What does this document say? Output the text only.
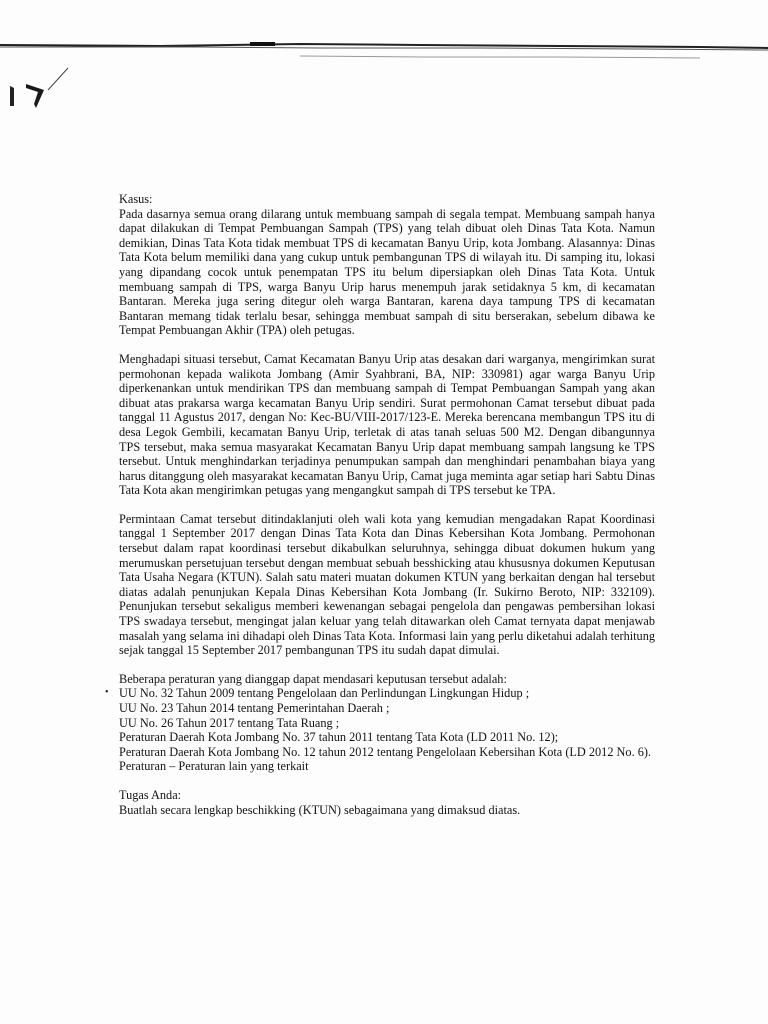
Kasus:

Pada dasarnya semua orang dilarang untuk membuang sampah di segala tempat. Membuang sampah hanya dapat dilakukan di Tempat Pembuangan Sampah (TPS) yang telah dibuat oleh Dinas Tata Kota. Namun demikian, Dinas Tata Kota tidak membuat TPS di kecamatan Banyu Urip, kota Jombang. Alasannya: Dinas Tata Kota belum memiliki dana yang cukup untuk pembangunan TPS di wilayah itu. Di samping itu, lokasi yang dipandang cocok untuk penempatan TPS itu belum dipersiapkan oleh Dinas Tata Kota. Untuk membuang sampah di TPS, warga Banyu Urip harus menempuh jarak setidaknya 5 km, di kecamatan Bantaran. Mereka juga sering ditegur oleh warga Bantaran, karena daya tampung TPS di kecamatan Bantaran memang tidak terlalu besar, sehingga membuat sampah di situ berserakan, sebelum dibawa ke Tempat Pembuangan Akhir (TPA) oleh petugas.

Menghadapi situasi tersebut, Camat Kecamatan Banyu Urip atas desakan dari warganya, mengirimkan surat permohonan kepada walikota Jombang (Amir Syahbrani, BA, NIP: 330981) agar warga Banyu Urip diperkenankan untuk mendirikan TPS dan membuang sampah di Tempat Pembuangan Sampah yang akan dibuat atas prakarsa warga kecamatan Banyu Urip sendiri. Surat permohonan Camat tersebut dibuat pada tanggal 11 Agustus 2017, dengan No: Kec-BU/VIII-2017/123-E. Mereka berencana membangun TPS itu di desa Legok Gembili, kecamatan Banyu Urip, terletak di atas tanah seluas 500 M2. Dengan dibangunnya TPS tersebut, maka semua masyarakat Kecamatan Banyu Urip dapat membuang sampah langsung ke TPS tersebut. Untuk menghindarkan terjadinya penumpukan sampah dan menghindari penambahan biaya yang harus ditanggung oleh masyarakat kecamatan Banyu Urip, Camat juga meminta agar setiap hari Sabtu Dinas Tata Kota akan mengirimkan petugas yang mengangkut sampah di TPS tersebut ke TPA.

Permintaan Camat tersebut ditindaklanjuti oleh wali kota yang kemudian mengadakan Rapat Koordinasi tanggal 1 September 2017 dengan Dinas Tata Kota dan Dinas Kebersihan Kota Jombang. Permohonan tersebut dalam rapat koordinasi tersebut dikabulkan seluruhnya, sehingga dibuat dokumen hukum yang merumuskan persetujuan tersebut dengan membuat sebuah besshicking atau khususnya dokumen Keputusan Tata Usaha Negara (KTUN). Salah satu materi muatan dokumen KTUN yang berkaitan dengan hal tersebut diatas adalah penunjukan Kepala Dinas Kebersihan Kota Jombang (Ir. Sukirno Beroto, NIP: 332109). Penunjukan tersebut sekaligus memberi kewenangan sebagai pengelola dan pengawas pembersihan lokasi TPS swadaya tersebut, mengingat jalan keluar yang telah ditawarkan oleh Camat ternyata dapat menjawab masalah yang selama ini dihadapi oleh Dinas Tata Kota. Informasi lain yang perlu diketahui adalah terhitung sejak tanggal 15 September 2017 pembangunan TPS itu sudah dapat dimulai.

Beberapa peraturan yang dianggap dapat mendasari keputusan tersebut adalah:

• UU No. 32 Tahun 2009 tentang Pengelolaan dan Perlindungan Lingkungan Hidup ;
UU No. 23 Tahun 2014 tentang Pemerintahan Daerah ;
UU No. 26 Tahun 2017 tentang Tata Ruang ;
Peraturan Daerah Kota Jombang No. 37 tahun 2011 tentang Tata Kota (LD 2011 No. 12);
Peraturan Daerah Kota Jombang No. 12 tahun 2012 tentang Pengelolaan Kebersihan Kota (LD 2012 No. 6).
Peraturan – Peraturan lain yang terkait

Tugas Anda:

Buatlah secara lengkap beschikking (KTUN) sebagaimana yang dimaksud diatas.
